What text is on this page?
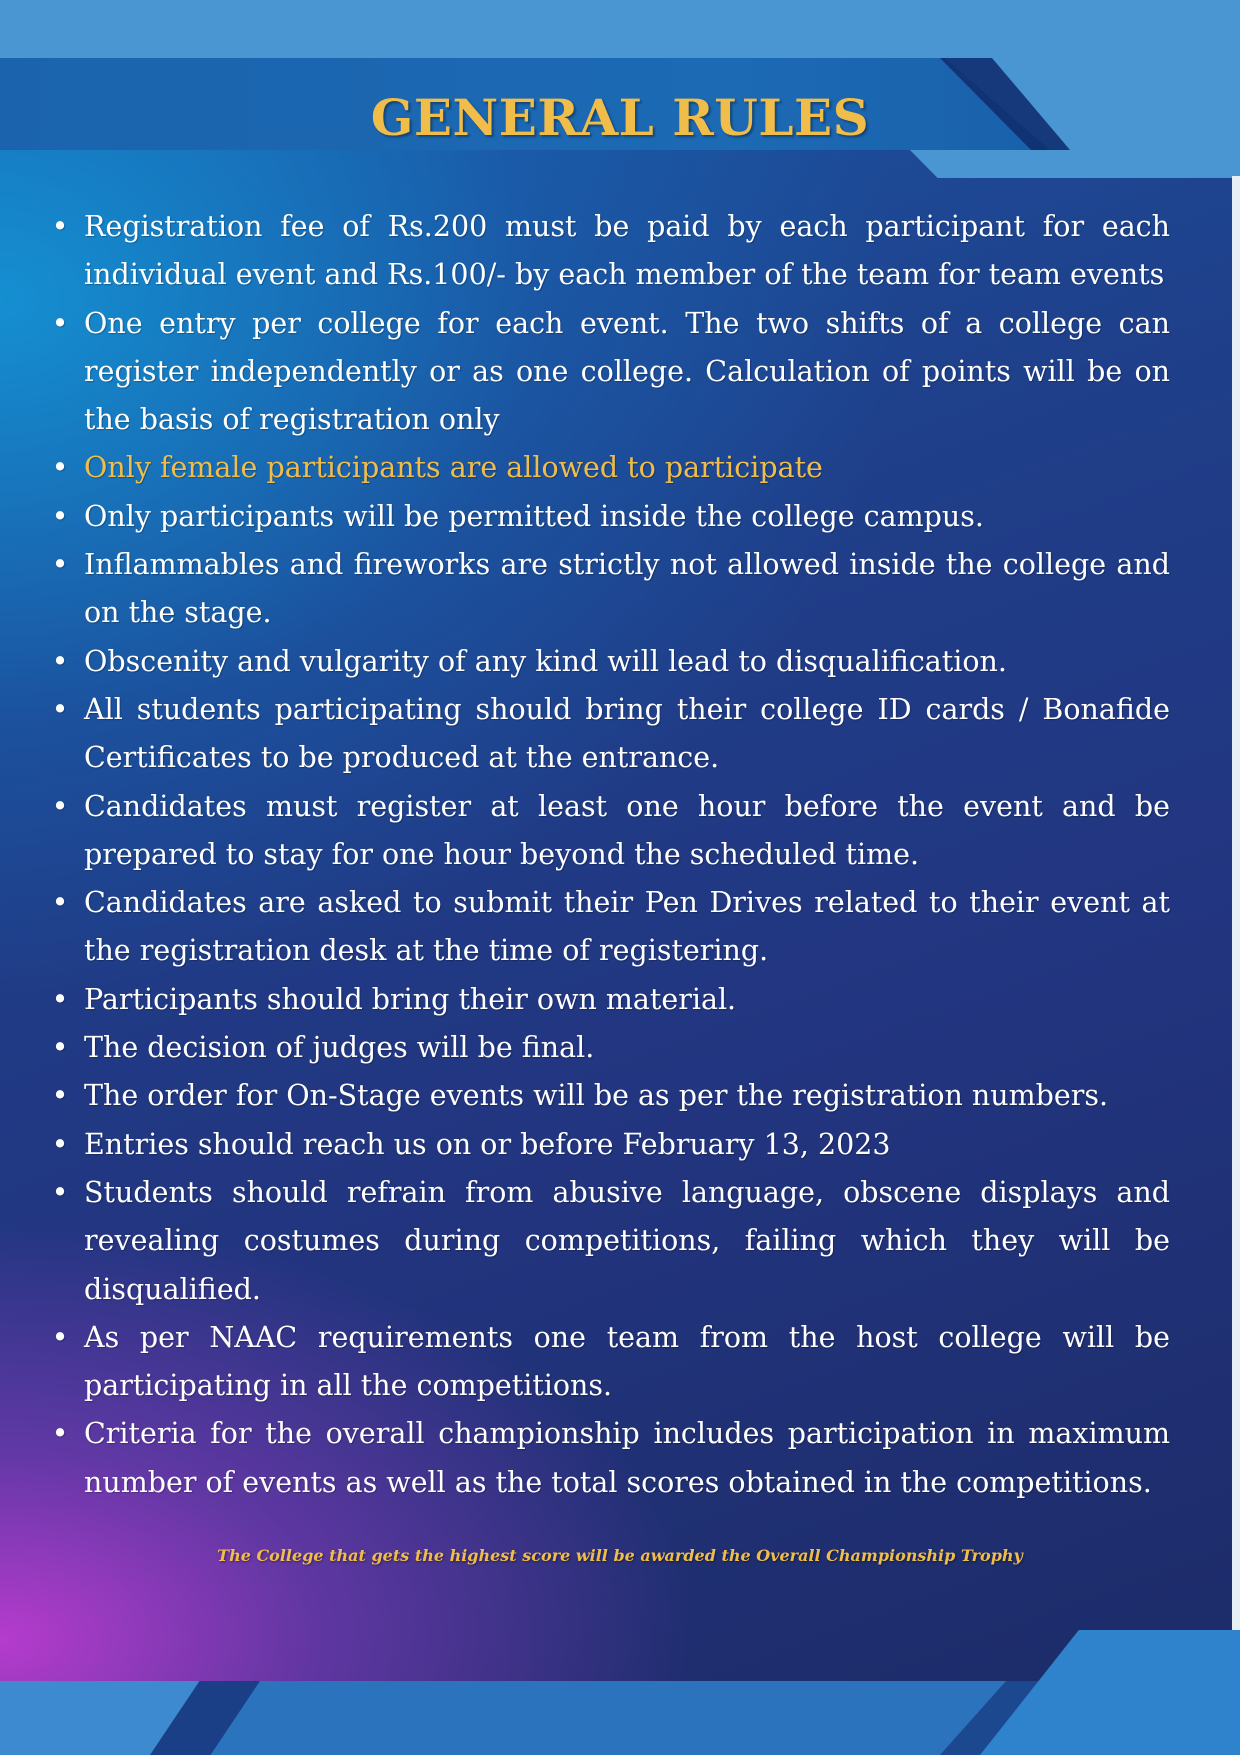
GENERAL RULES
• Registration fee of Rs.200 must be paid by each participant for each individual event and Rs.100/- by each member of the team for team events
• One entry per college for each event. The two shifts of a college can register independently or as one college. Calculation of points will be on the basis of registration only
• Only female participants are allowed to participate
• Only participants will be permitted inside the college campus.
• Inflammables and fireworks are strictly not allowed inside the college and on the stage.
• Obscenity and vulgarity of any kind will lead to disqualification.
• All students participating should bring their college ID cards / Bonafide Certificates to be produced at the entrance.
• Candidates must register at least one hour before the event and be prepared to stay for one hour beyond the scheduled time.
• Candidates are asked to submit their Pen Drives related to their event at the registration desk at the time of registering.
• Participants should bring their own material.
• The decision of judges will be final.
• The order for On-Stage events will be as per the registration numbers.
• Entries should reach us on or before February 13, 2023
• Students should refrain from abusive language, obscene displays and revealing costumes during competitions, failing which they will be disqualified.
• As per NAAC requirements one team from the host college will be participating in all the competitions.
• Criteria for the overall championship includes participation in maximum number of events as well as the total scores obtained in the competitions.

The College that gets the highest score will be awarded the Overall Championship Trophy
